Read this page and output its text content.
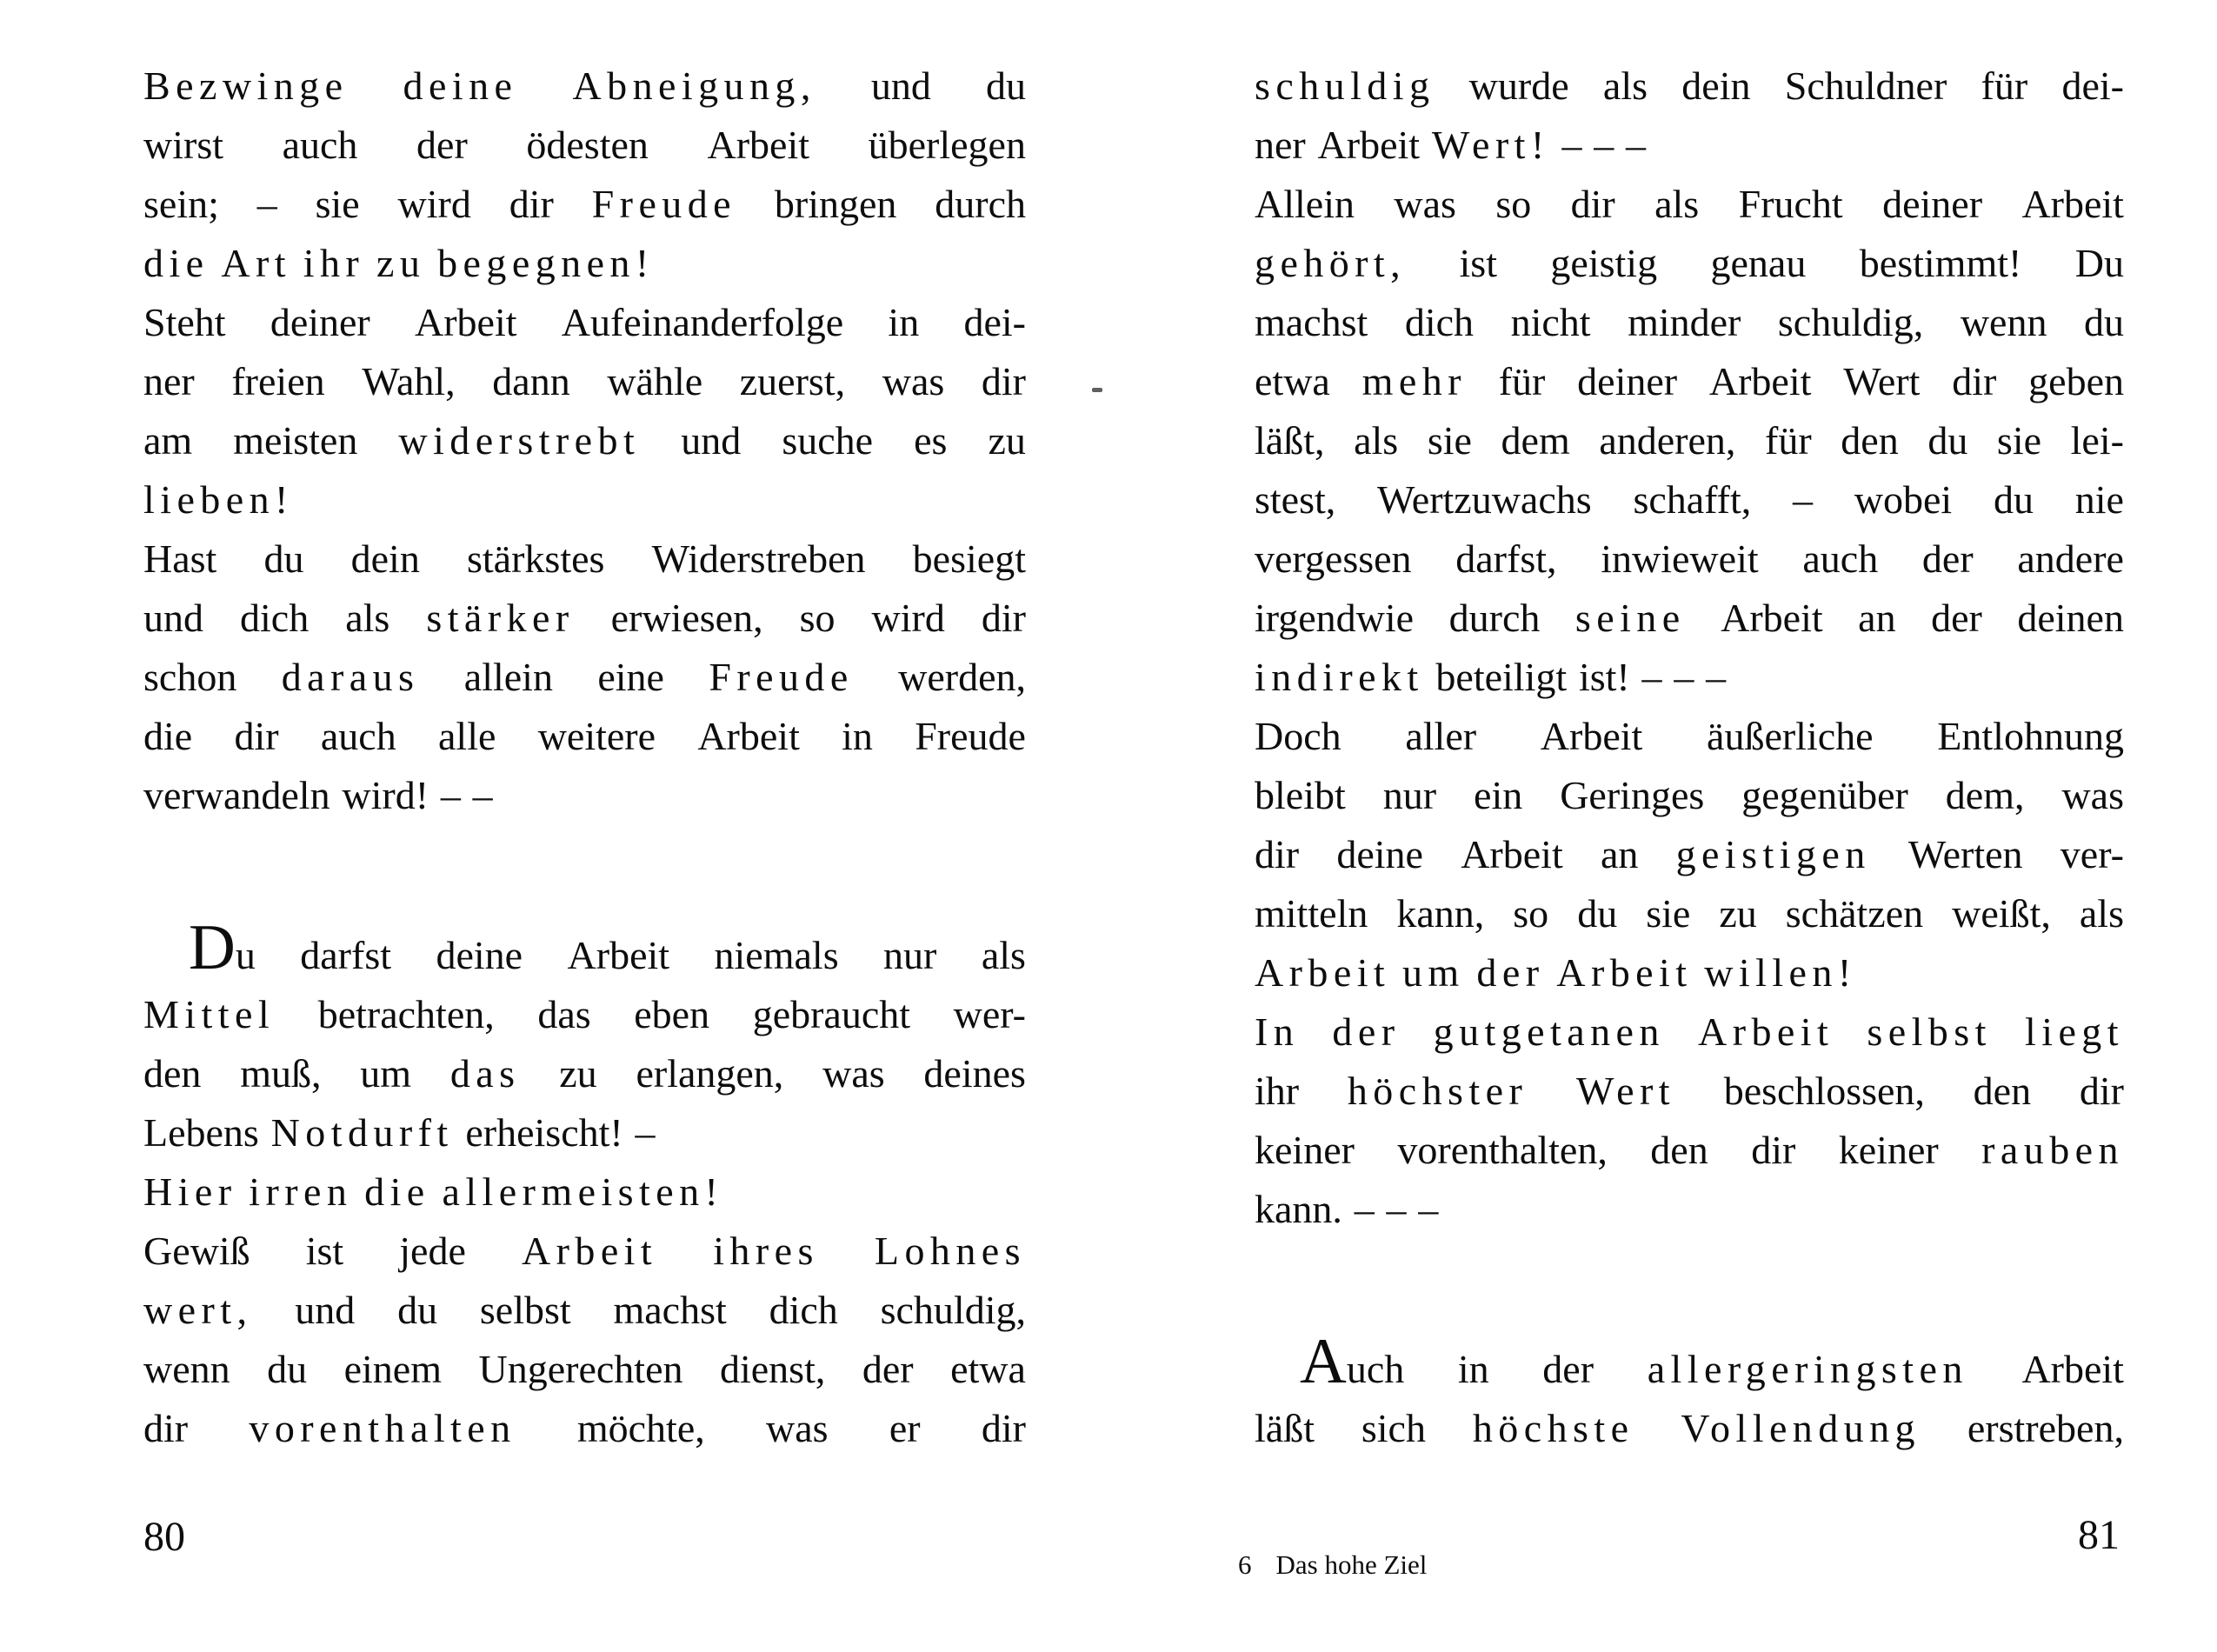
Bezwinge deine Abneigung, und du
wirst auch der ödesten Arbeit überlegen
sein; – sie wird dir Freude bringen durch
die Art ihr zu begegnen!
Steht deiner Arbeit Aufeinanderfolge in dei-
ner freien Wahl, dann wähle zuerst, was dir
am meisten widerstrebt und suche es zu
lieben!
Hast du dein stärkstes Widerstreben besiegt
und dich als stärker erwiesen, so wird dir
schon daraus allein eine Freude werden,
die dir auch alle weitere Arbeit in Freude
verwandeln wird! – –
Du darfst deine Arbeit niemals nur als
Mittel betrachten, das eben gebraucht wer-
den muß, um das zu erlangen, was deines
Lebens Notdurft erheischt! –
Hier irren die allermeisten!
Gewiß ist jede Arbeit ihres Lohnes
wert, und du selbst machst dich schuldig,
wenn du einem Ungerechten dienst, der etwa
dir vorenthalten möchte, was er dir
schuldig wurde als dein Schuldner für dei-
ner Arbeit Wert! – – –
Allein was so dir als Frucht deiner Arbeit
gehört, ist geistig genau bestimmt! Du
machst dich nicht minder schuldig, wenn du
etwa mehr für deiner Arbeit Wert dir geben
läßt, als sie dem anderen, für den du sie lei-
stest, Wertzuwachs schafft, – wobei du nie
vergessen darfst, inwieweit auch der andere
irgendwie durch seine Arbeit an der deinen
indirekt beteiligt ist! – – –
Doch aller Arbeit äußerliche Entlohnung
bleibt nur ein Geringes gegenüber dem, was
dir deine Arbeit an geistigen Werten ver-
mitteln kann, so du sie zu schätzen weißt, als
Arbeit um der Arbeit willen!
In der gutgetanen Arbeit selbst liegt
ihr höchster Wert beschlossen, den dir
keiner vorenthalten, den dir keiner rauben
kann. – – –
Auch in der allergeringsten Arbeit
läßt sich höchste Vollendung erstreben,
80
6 Das hohe Ziel
81
